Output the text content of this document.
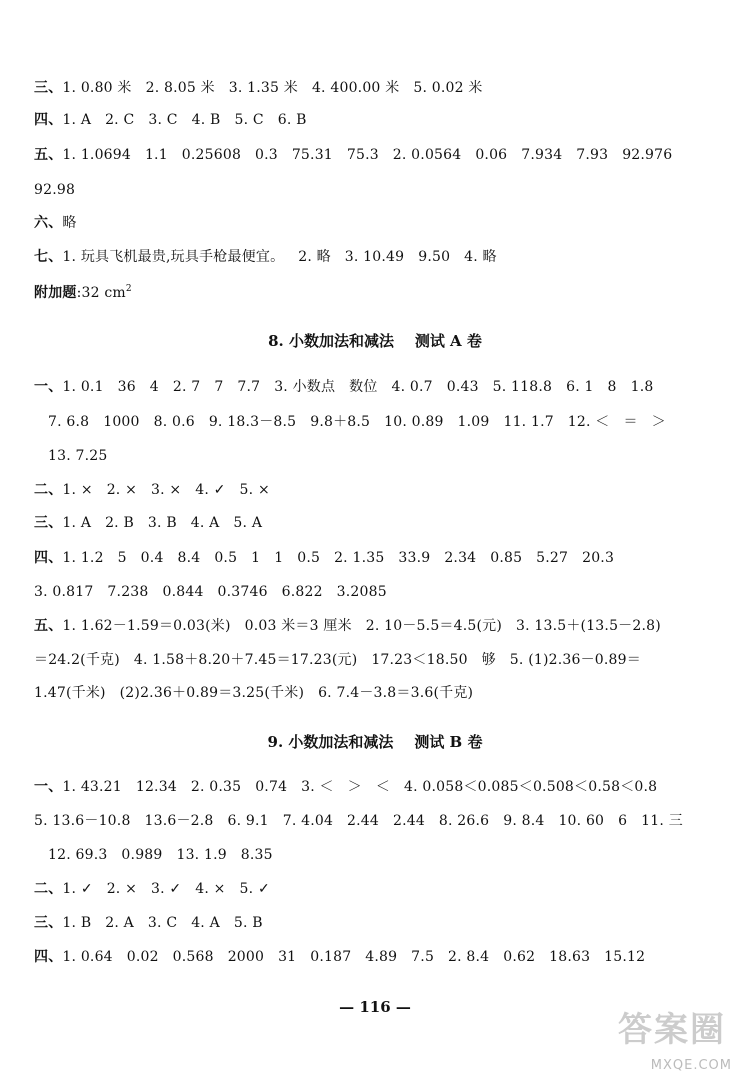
三、1. 0.80 米   2. 8.05 米   3. 1.35 米   4. 400.00 米   5. 0.02 米
四、1. A   2. C   3. C   4. B   5. C   6. B
五、1. 1.0694   1.1   0.25608   0.3   75.31   75.3   2. 0.0564   0.06   7.934   7.93   92.976
92.98
六、略
七、1. 玩具飞机最贵,玩具手枪最便宜。   2. 略   3. 10.49   9.50   4. 略
附加题:32 $cm^2$
8. 小数加法和减法    测试 A 卷
一、1. 0.1   36   4   2. 7   7   7.7   3. 小数点   数位   4. 0.7   0.43   5. 118.8   6. 1   8   1.8
7. 6.8   1000   8. 0.6   9. 18.3－8.5   9.8＋8.5   10. 0.89   1.09   11. 1.7   12. ＜   ＝   ＞
13. 7.25
二、1. ×   2. ×   3. ×   4. ✓   5. ×
三、1. A   2. B   3. B   4. A   5. A
四、1. 1.2   5   0.4   8.4   0.5   1   1   0.5   2. 1.35   33.9   2.34   0.85   5.27   20.3
3. 0.817   7.238   0.844   0.3746   6.822   3.2085
五、1. 1.62－1.59＝0.03(米)   0.03 米＝3 厘米   2. 10－5.5＝4.5(元)   3. 13.5＋(13.5－2.8)
＝24.2(千克)   4. 1.58＋8.20＋7.45＝17.23(元)   17.23＜18.50   够   5. (1)2.36－0.89＝
1.47(千米)   (2)2.36＋0.89＝3.25(千米)   6. 7.4－3.8＝3.6(千克)
9. 小数加法和减法    测试 B 卷
一、1. 43.21   12.34   2. 0.35   0.74   3. ＜   ＞   ＜   4. 0.058＜0.085＜0.508＜0.58＜0.8
5. 13.6－10.8   13.6－2.8   6. 9.1   7. 4.04   2.44   2.44   8. 26.6   9. 8.4   10. 60   6   11. 三
12. 69.3   0.989   13. 1.9   8.35
二、1. ✓   2. ×   3. ✓   4. ×   5. ✓
三、1. B   2. A   3. C   4. A   5. B
四、1. 0.64   0.02   0.568   2000   31   0.187   4.89   7.5   2. 8.4   0.62   18.63   15.12
— 116 —
答案圈
MXQE.COM
